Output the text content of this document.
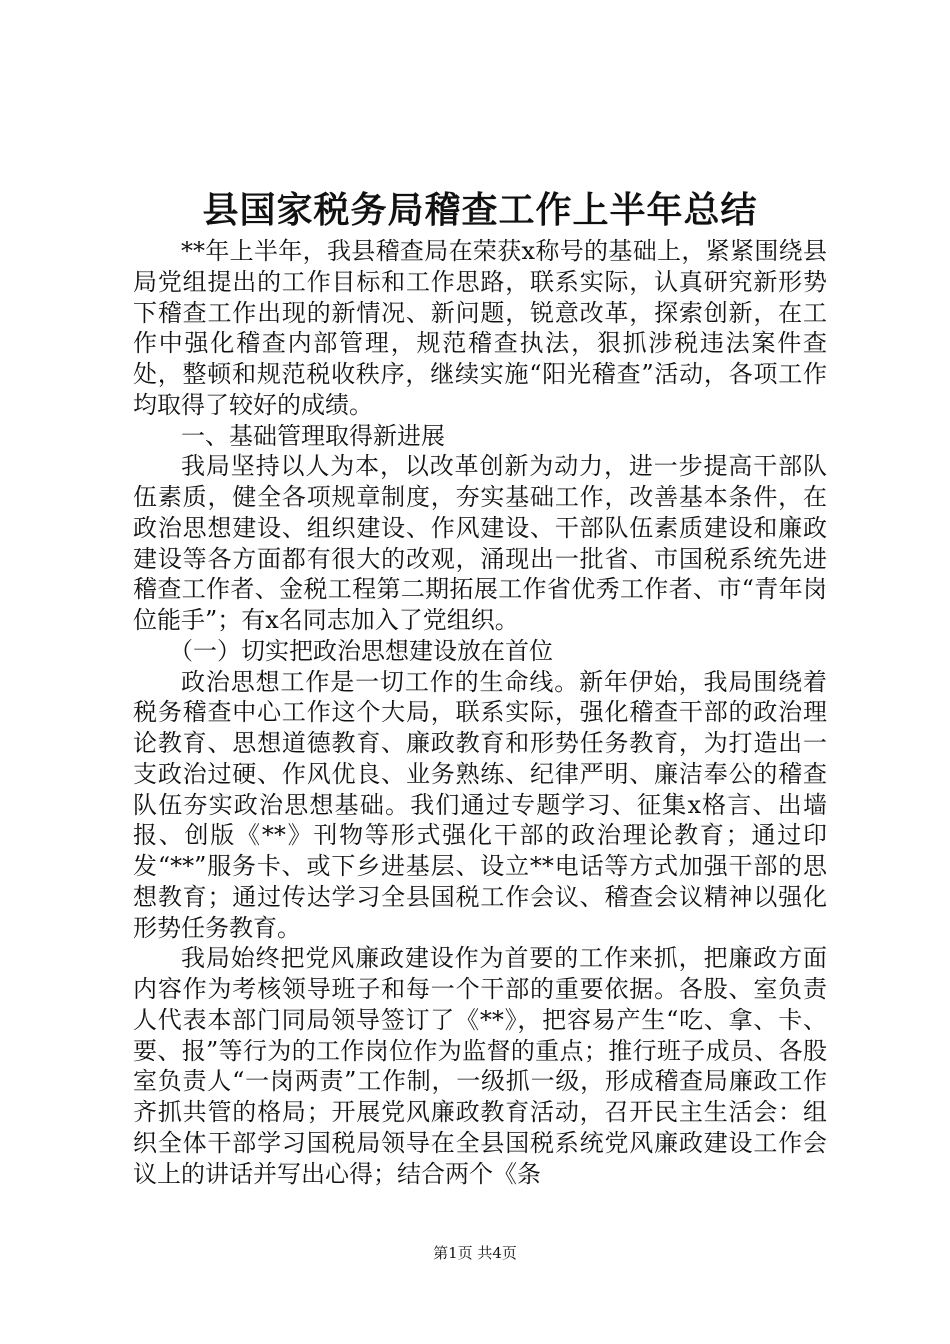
县国家税务局稽查工作上半年总结

**年上半年，我县稽查局在荣获x称号的基础上，紧紧围绕县局党组提出的工作目标和工作思路，联系实际，认真研究新形势下稽查工作出现的新情况、新问题，锐意改革，探索创新，在工作中强化稽查内部管理，规范稽查执法，狠抓涉税违法案件查处，整顿和规范税收秩序，继续实施“阳光稽查”活动，各项工作均取得了较好的成绩。

一、基础管理取得新进展

我局坚持以人为本，以改革创新为动力，进一步提高干部队伍素质，健全各项规章制度，夯实基础工作，改善基本条件，在政治思想建设、组织建设、作风建设、干部队伍素质建设和廉政建设等各方面都有很大的改观，涌现出一批省、市国税系统先进稽查工作者、金税工程第二期拓展工作省优秀工作者、市“青年岗位能手”；有x名同志加入了党组织。

（一）切实把政治思想建设放在首位

政治思想工作是一切工作的生命线。新年伊始，我局围绕着税务稽查中心工作这个大局，联系实际，强化稽查干部的政治理论教育、思想道德教育、廉政教育和形势任务教育，为打造出一支政治过硬、作风优良、业务熟练、纪律严明、廉洁奉公的稽查队伍夯实政治思想基础。我们通过专题学习、征集x格言、出墙报、创版《**》刊物等形式强化干部的政治理论教育；通过印发“**”服务卡、或下乡进基层、设立**电话等方式加强干部的思想教育；通过传达学习全县国税工作会议、稽查会议精神以强化形势任务教育。

我局始终把党风廉政建设作为首要的工作来抓，把廉政方面内容作为考核领导班子和每一个干部的重要依据。各股、室负责人代表本部门同局领导签订了《**》，把容易产生“吃、拿、卡、要、报”等行为的工作岗位作为监督的重点；推行班子成员、各股室负责人“一岗两责”工作制，一级抓一级，形成稽查局廉政工作齐抓共管的格局；开展党风廉政教育活动，召开民主生活会：组织全体干部学习国税局领导在全县国税系统党风廉政建设工作会议上的讲话并写出心得；结合两个《条

第1页 共4页
